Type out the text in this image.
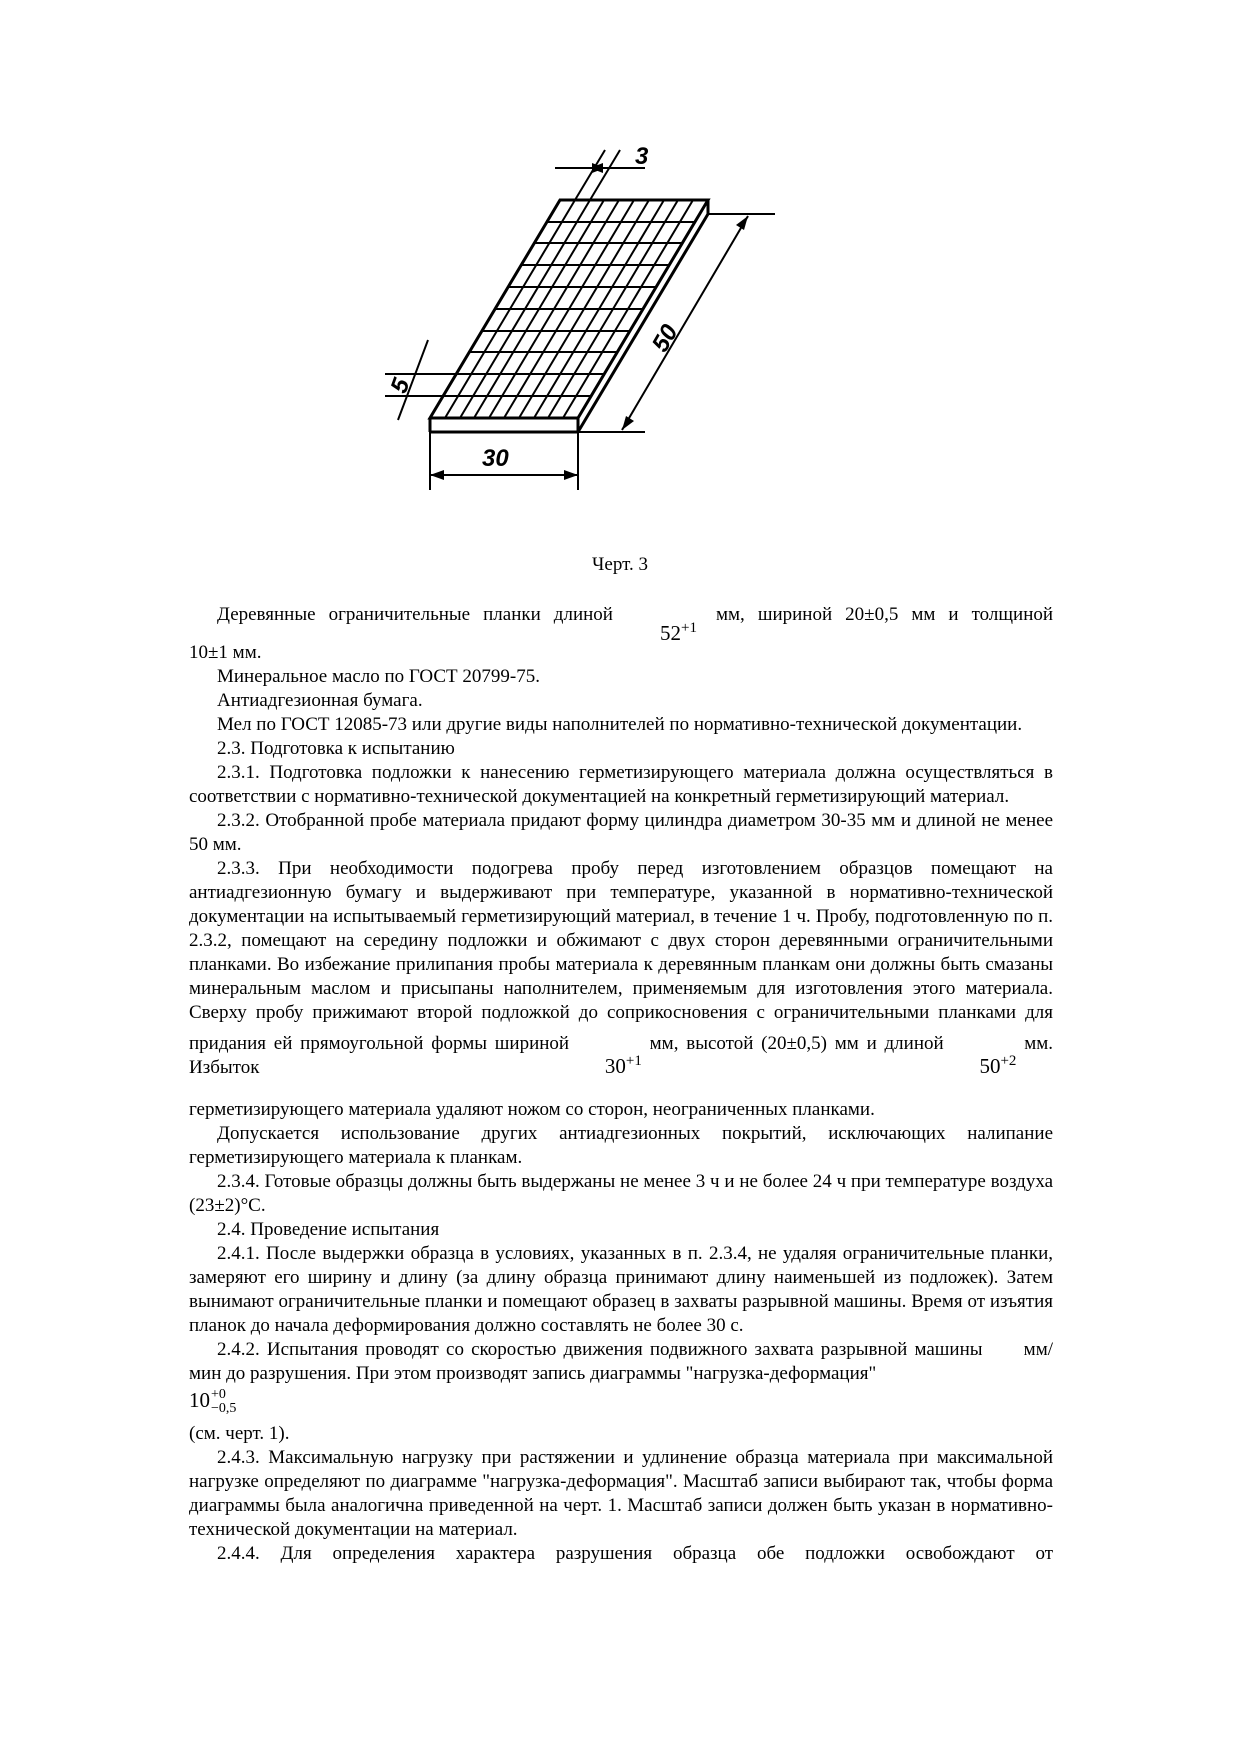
3
5
30
50
Черт. 3

Деревянные ограничительные планки длиной $52^{+1}$ мм, шириной 20±0,5 мм и толщиной

10±1 мм.

Минеральное масло по ГОСТ 20799-75.

Антиадгезионная бумага.

Мел по ГОСТ 12085-73 или другие виды наполнителей по нормативно-технической документации.

2.3. Подготовка к испытанию

2.3.1. Подготовка подложки к нанесению герметизирующего материала должна осуществляться в соответствии с нормативно-технической документацией на конкретный герметизирующий материал.

2.3.2. Отобранной пробе материала придают форму цилиндра диаметром 30-35 мм и длиной не менее 50 мм.

2.3.3. При необходимости подогрева пробу перед изготовлением образцов помещают на антиадгезионную бумагу и выдерживают при температуре, указанной в нормативно-технической документации на испытываемый герметизирующий материал, в течение 1 ч. Пробу, подготовленную по п. 2.3.2, помещают на середину подложки и обжимают с двух сторон деревянными ограничительными планками. Во избежание прилипания пробы материала к деревянным планкам они должны быть смазаны минеральным маслом и присыпаны наполнителем, применяемым для изготовления этого материала. Сверху пробу прижимают второй подложкой до соприкосновения с ограничительными планками для придания ей прямоугольной формы шириной $30^{+1}$ мм, высотой (20±0,5) мм и длиной $50^{+2}$ мм. Избыток

герметизирующего материала удаляют ножом со сторон, неограниченных планками.

Допускается использование других антиадгезионных покрытий, исключающих налипание герметизирующего материала к планкам.

2.3.4. Готовые образцы должны быть выдержаны не менее 3 ч и не более 24 ч при температуре воздуха (23±2)°С.

2.4. Проведение испытания

2.4.1. После выдержки образца в условиях, указанных в п. 2.3.4, не удаляя ограничительные планки, замеряют его ширину и длину (за длину образца принимают длину наименьшей из подложек). Затем вынимают ограничительные планки и помещают образец в захваты разрывной машины. Время от изъятия планок до начала деформирования должно составлять не более 30 с.

2.4.2. Испытания проводят со скоростью движения подвижного захвата разрывной машины мм/мин до разрушения. При этом производят запись диаграммы "нагрузка-деформация"

10 +0
−0,5

(см. черт. 1).

2.4.3. Максимальную нагрузку при растяжении и удлинение образца материала при максимальной нагрузке определяют по диаграмме "нагрузка-деформация". Масштаб записи выбирают так, чтобы форма диаграммы была аналогична приведенной на черт. 1. Масштаб записи должен быть указан в нормативно-технической документации на материал.

2.4.4. Для определения характера разрушения образца обе подложки освобождают от
